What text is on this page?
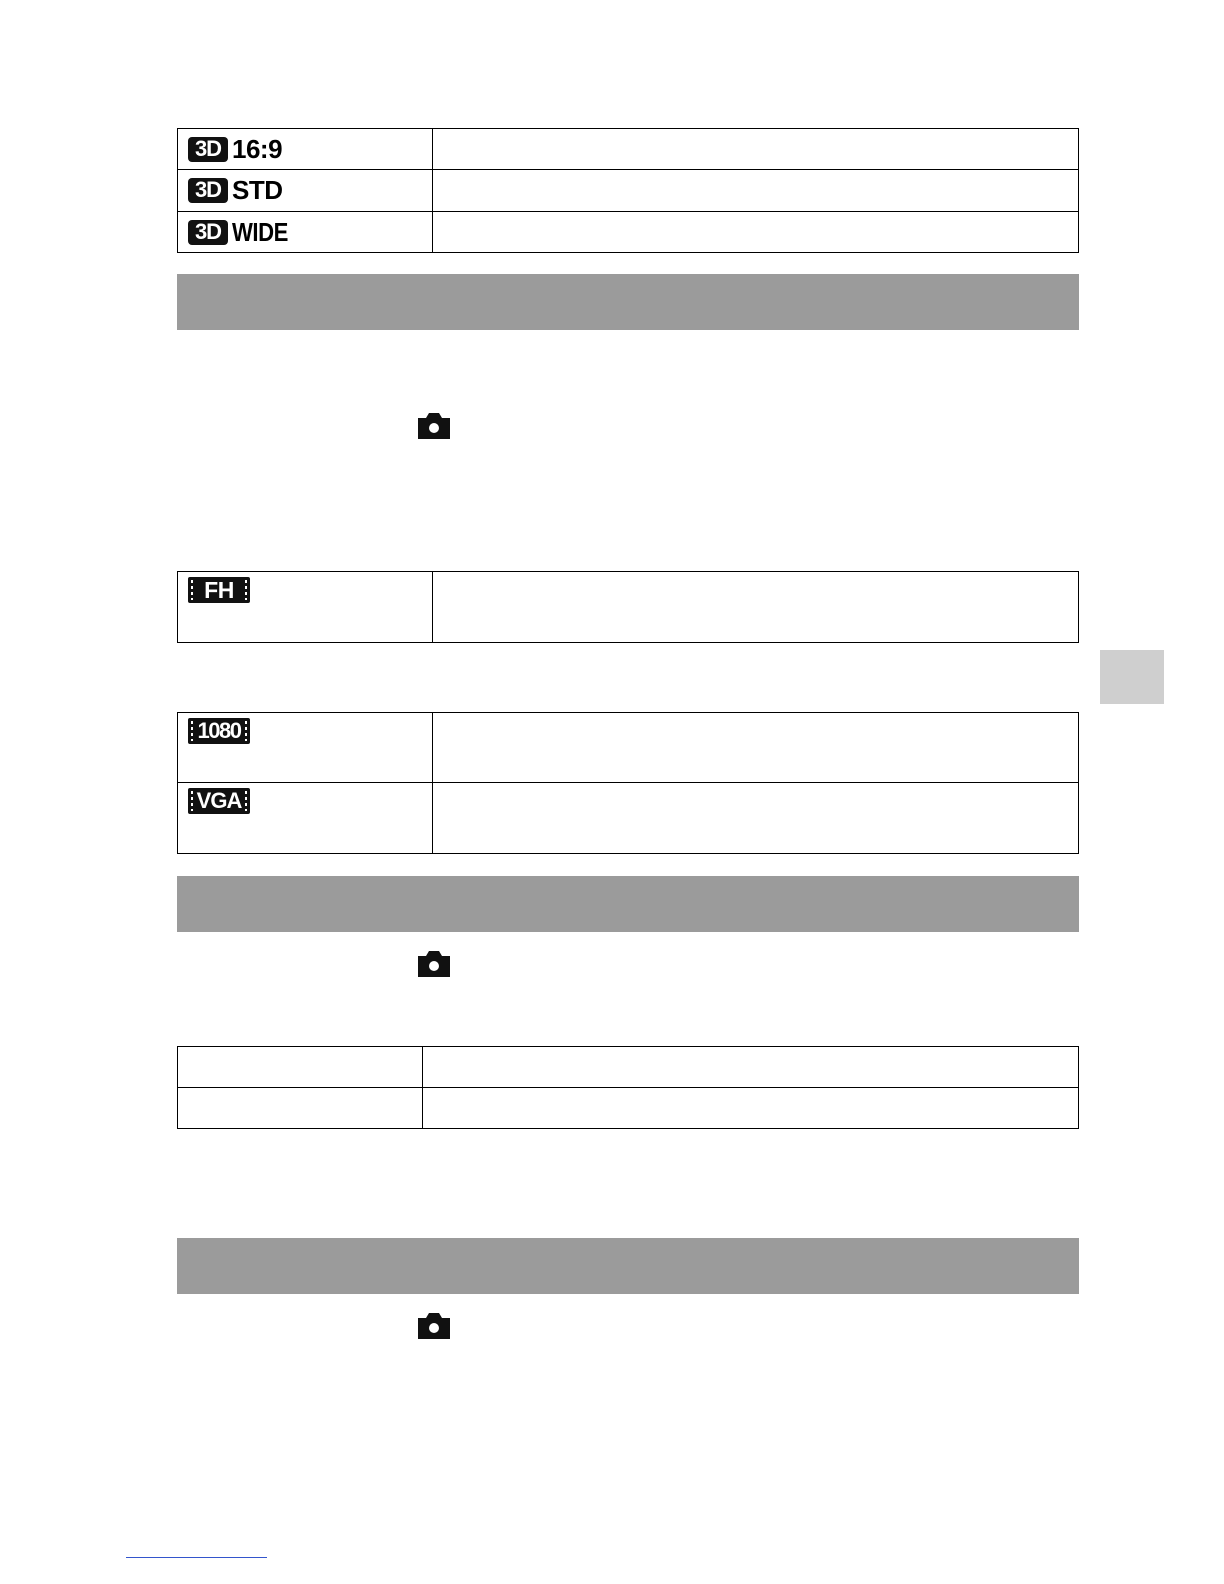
3D 16:9	

3D STD	

3D WIDE	

FH	
1080	
VGA	
